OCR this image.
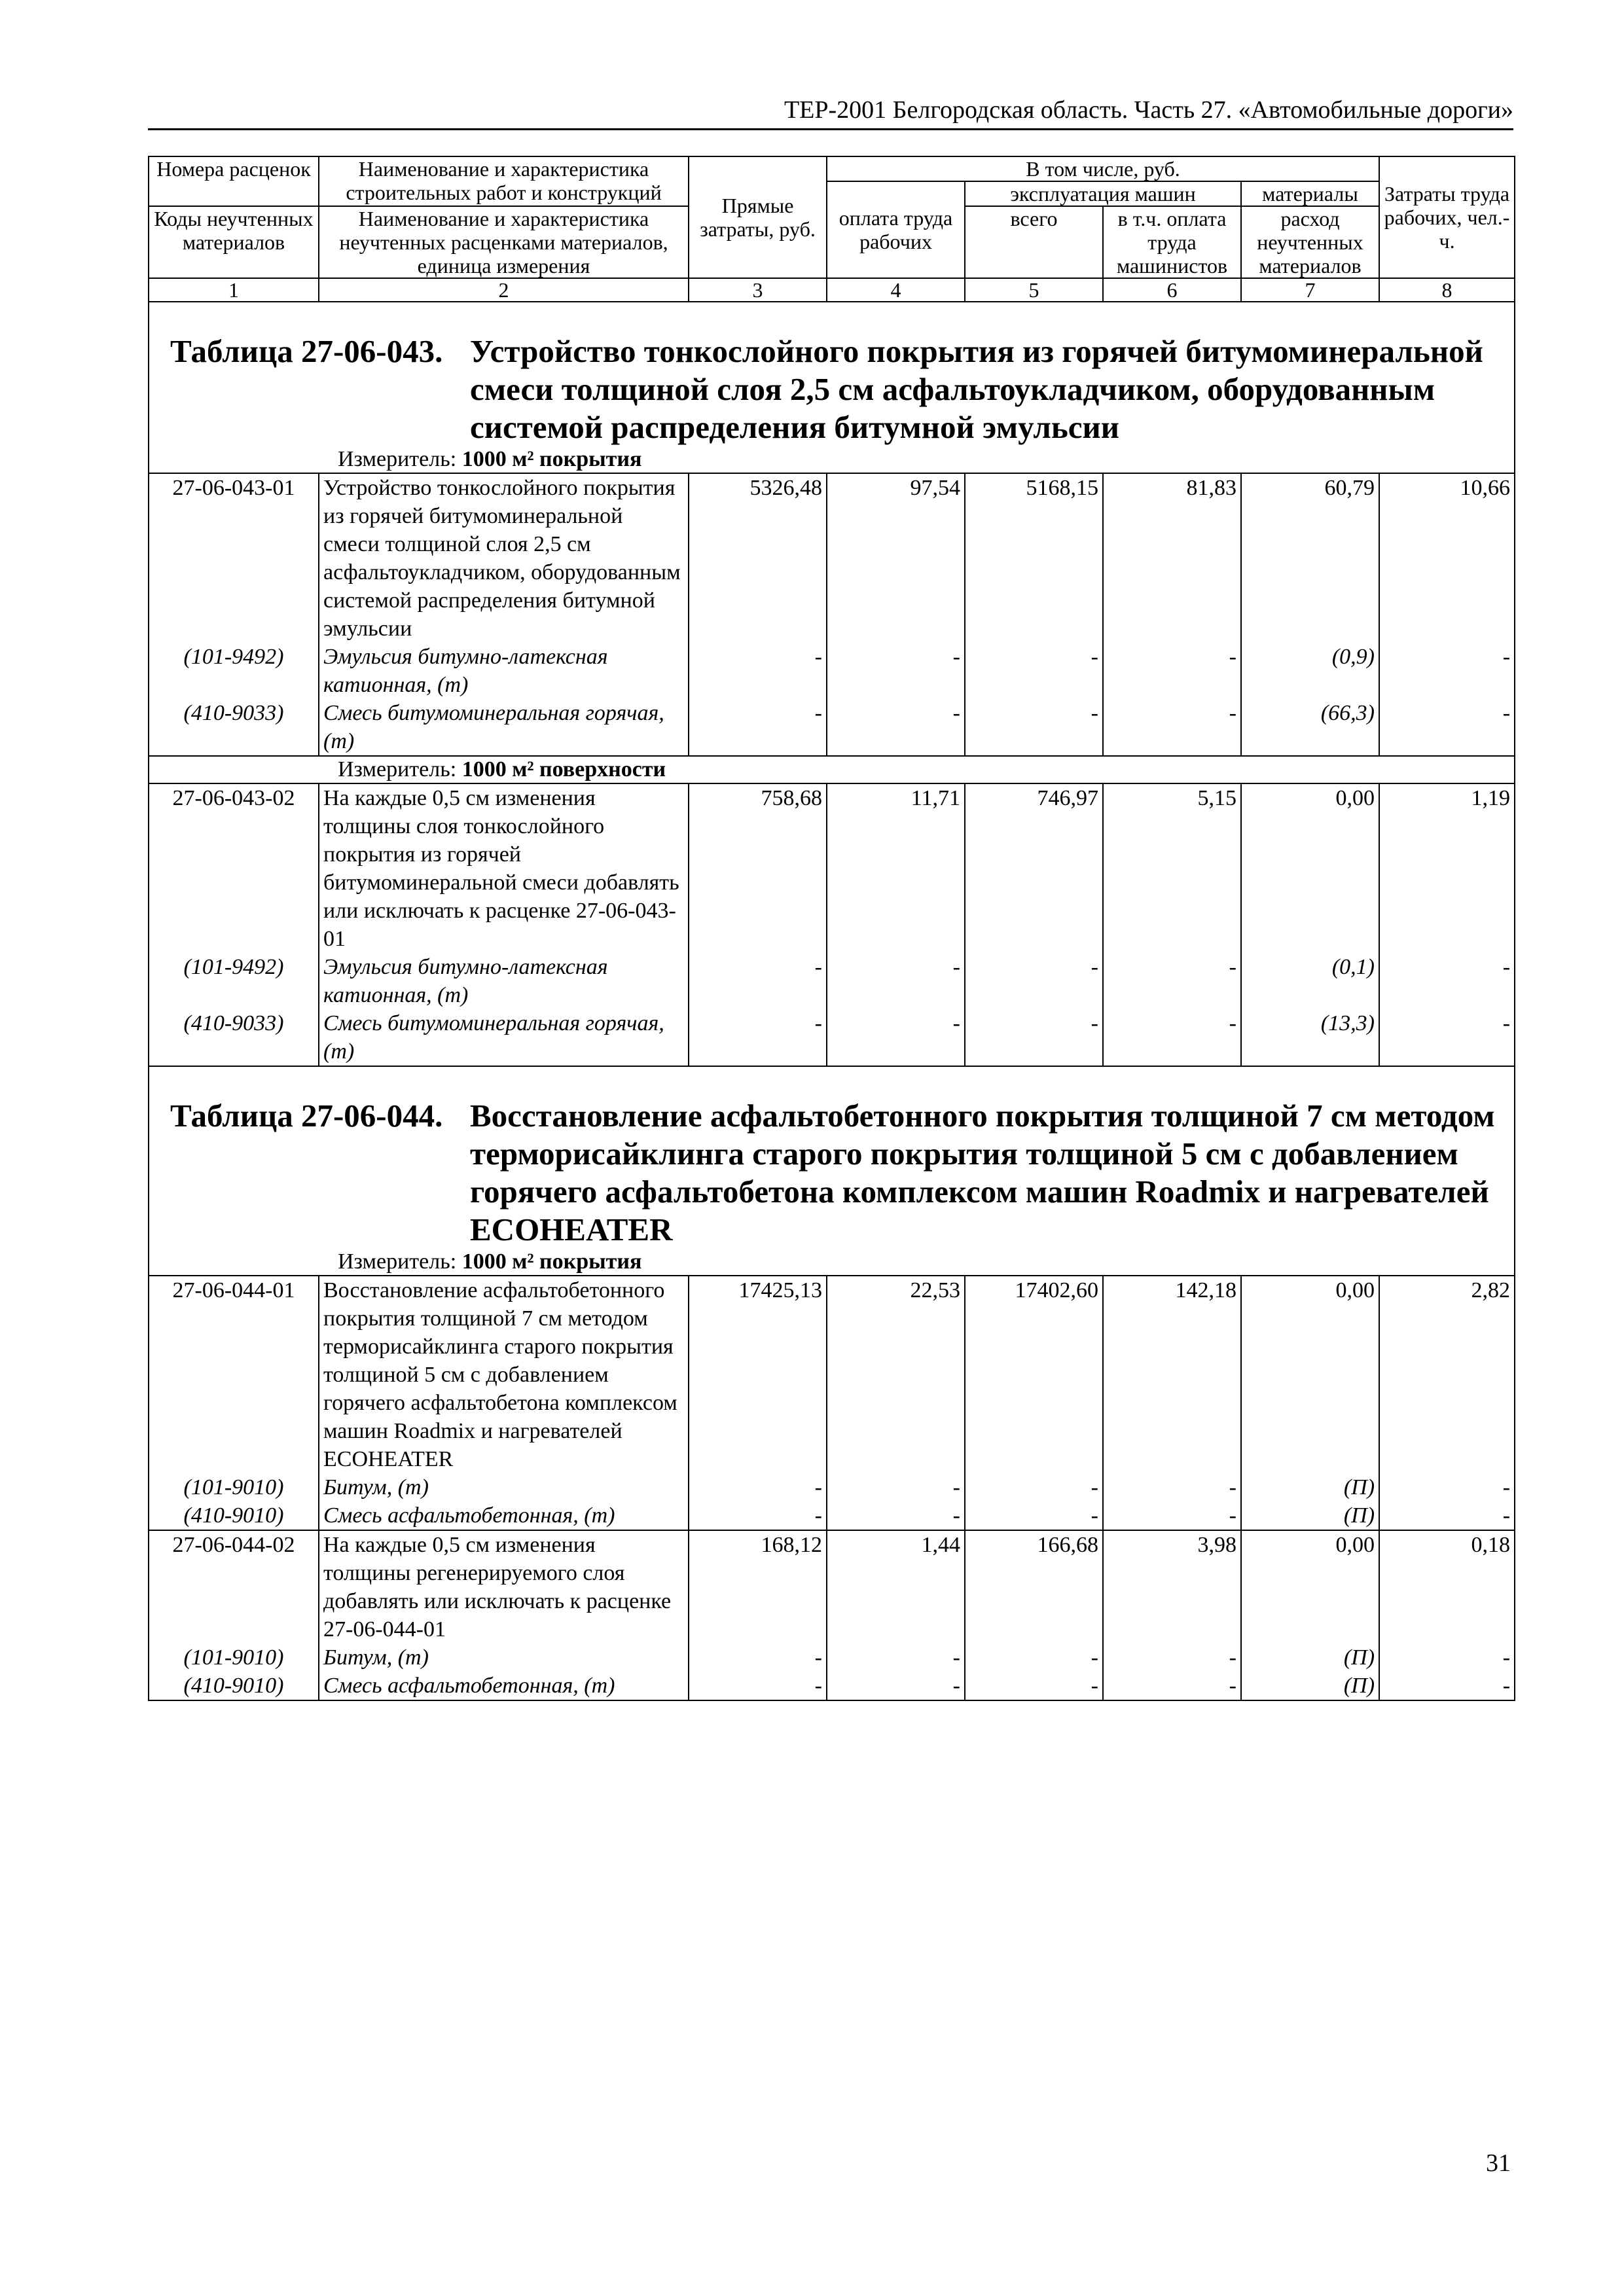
ТЕР-2001 Белгородская область. Часть 27. «Автомобильные дороги»
Номера расценок	Наименование и характеристика строительных работ и конструкций	Прямые затраты, руб.	В том числе, руб.				Затраты труда рабочих, чел.-ч.
			оплата труда рабочих	эксплуатация машин		материалы	
Коды неучтенных материалов	Наименование и характеристика неучтенных расценками материалов, единица измерения			всего	в т.ч. оплата труда машинистов	расход неучтенных материалов	

1	2	3	4	5	6	7	8

Таблица 27-06-043. Устройство тонкослойного покрытия из горячей битумоминеральной смеси толщиной слоя 2,5 см асфальтоукладчиком, оборудованным системой распределения битумной эмульсии							

Измеритель: 1000 м² покрытия							
27-06-043-01	Устройство тонкослойного покрытия из горячей битумоминеральной смеси толщиной слоя 2,5 см асфальтоукладчиком, оборудованным системой распределения битумной эмульсии	5326,48	97,54	5168,15	81,83	60,79	10,66
(101-9492)	Эмульсия битумно-латексная катионная, (т)	-	-	-	-	(0,9)	-
(410-9033)	Смесь битумоминеральная горячая, (т)	-	-	-	-	(66,3)	-
Измеритель: 1000 м² поверхности							
27-06-043-02	На каждые 0,5 см изменения толщины слоя тонкослойного покрытия из горячей битумоминеральной смеси добавлять или исключать к расценке 27-06-043-01	758,68	11,71	746,97	5,15	0,00	1,19
(101-9492)	Эмульсия битумно-латексная катионная, (т)	-	-	-	-	(0,1)	-
(410-9033)	Смесь битумоминеральная горячая, (т)	-	-	-	-	(13,3)	-

Таблица 27-06-044. Восстановление асфальтобетонного покрытия толщиной 7 см методом терморисайклинга старого покрытия толщиной 5 см с добавлением горячего асфальтобетона комплексом машин Roadmix и нагревателей ECOHEATER							

Измеритель: 1000 м² покрытия							
27-06-044-01	Восстановление асфальтобетонного покрытия толщиной 7 см методом терморисайклинга старого покрытия толщиной 5 см с добавлением горячего асфальтобетона комплексом машин Roadmix и нагревателей ECOHEATER	17425,13	22,53	17402,60	142,18	0,00	2,82
(101-9010)	Битум, (т)	-	-	-	-	(П)	-
(410-9010)	Смесь асфальтобетонная, (т)	-	-	-	-	(П)	-
27-06-044-02	На каждые 0,5 см изменения толщины регенерируемого слоя добавлять или исключать к расценке 27-06-044-01	168,12	1,44	166,68	3,98	0,00	0,18
(101-9010)	Битум, (т)	-	-	-	-	(П)	-
(410-9010)	Смесь асфальтобетонная, (т)	-	-	-	-	(П)	-
31
